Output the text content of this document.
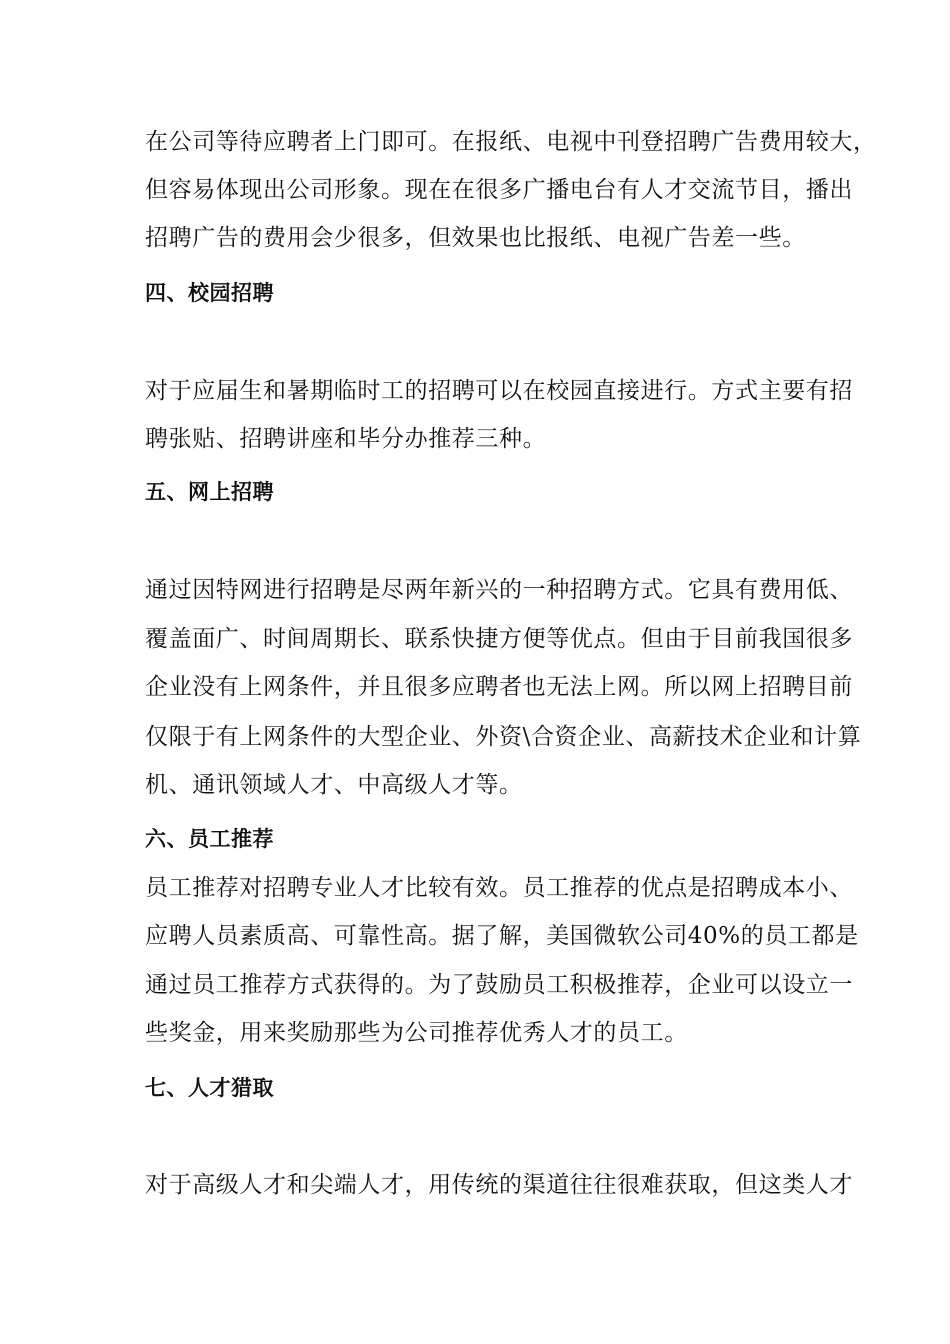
在公司等待应聘者上门即可。在报纸、电视中刊登招聘广告费用较大，
但容易体现出公司形象。现在在很多广播电台有人才交流节目，播出
招聘广告的费用会少很多，但效果也比报纸、电视广告差一些。
四、校园招聘
对于应届生和暑期临时工的招聘可以在校园直接进行。方式主要有招
聘张贴、招聘讲座和毕分办推荐三种。
五、网上招聘
通过因特网进行招聘是尽两年新兴的一种招聘方式。它具有费用低、
覆盖面广、时间周期长、联系快捷方便等优点。但由于目前我国很多
企业没有上网条件，并且很多应聘者也无法上网。所以网上招聘目前
仅限于有上网条件的大型企业、外资\合资企业、高薪技术企业和计算
机、通讯领域人才、中高级人才等。
六、员工推荐
员工推荐对招聘专业人才比较有效。员工推荐的优点是招聘成本小、
应聘人员素质高、可靠性高。据了解，美国微软公司40%的员工都是
通过员工推荐方式获得的。为了鼓励员工积极推荐，企业可以设立一
些奖金，用来奖励那些为公司推荐优秀人才的员工。
七、人才猎取
对于高级人才和尖端人才，用传统的渠道往往很难获取，但这类人才
